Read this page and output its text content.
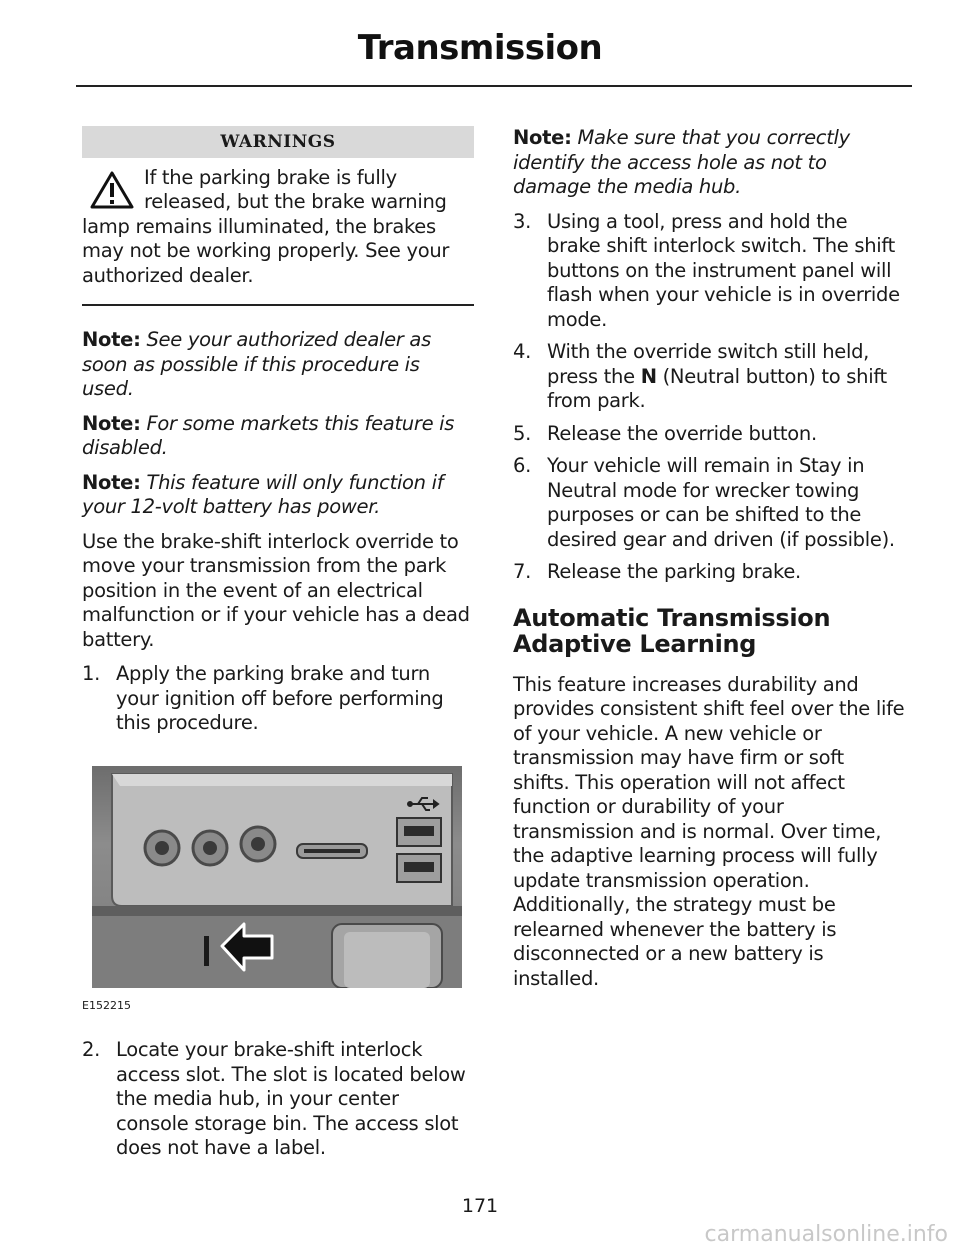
Transmission
WARNINGS
If the parking brake is fully released, but the brake warning lamp remains illuminated, the brakes may not be working properly. See your authorized dealer.

Note: See your authorized dealer as soon as possible if this procedure is used.

Note: For some markets this feature is disabled.

Note: This feature will only function if your 12-volt battery has power.

Use the brake-shift interlock override to move your transmission from the park position in the event of an electrical malfunction or if your vehicle has a dead battery.

1. Apply the parking brake and turn your ignition off before performing this procedure.
E152215
2. Locate your brake-shift interlock access slot. The slot is located below the media hub, in your center console storage bin. The access slot does not have a label.

Note: Make sure that you correctly identify the access hole as not to damage the media hub.

3. Using a tool, press and hold the brake shift interlock switch. The shift buttons on the instrument panel will flash when your vehicle is in override mode.
4. With the override switch still held, press the N (Neutral button) to shift from park.
5. Release the override button.
6. Your vehicle will remain in Stay in Neutral mode for wrecker towing purposes or can be shifted to the desired gear and driven (if possible).
7. Release the parking brake.
Automatic Transmission Adaptive Learning

This feature increases durability and provides consistent shift feel over the life of your vehicle. A new vehicle or transmission may have firm or soft shifts. This operation will not affect function or durability of your transmission and is normal. Over time, the adaptive learning process will fully update transmission operation. Additionally, the strategy must be relearned whenever the battery is disconnected or a new battery is installed.

171
carmanualsonline.info
